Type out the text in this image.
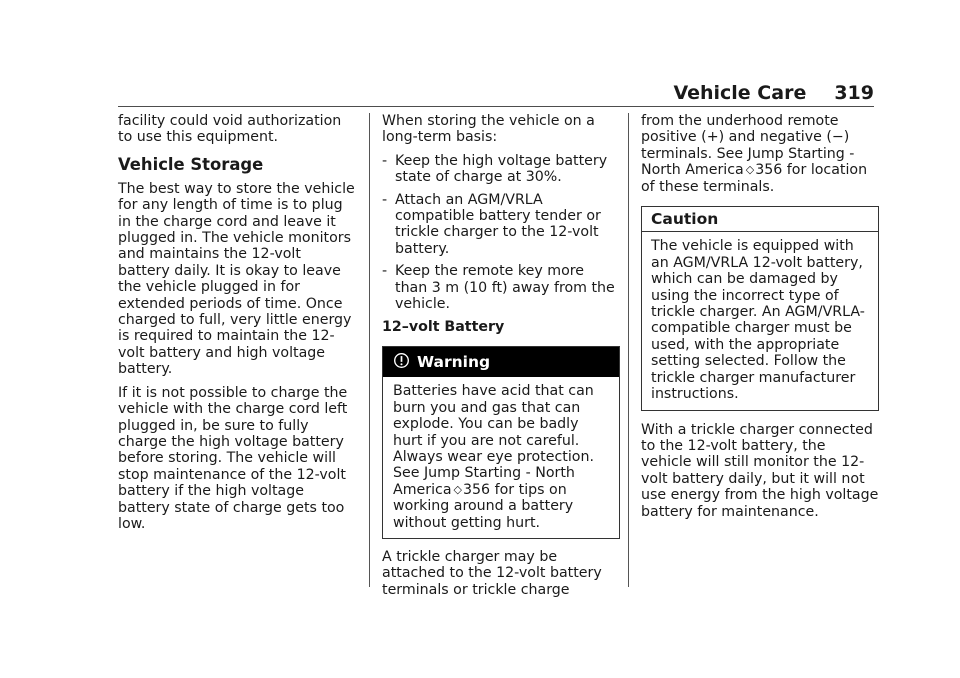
Vehicle Care 319

facility could void authorization to use this equipment.

Vehicle Storage

The best way to store the vehicle for any length of time is to plug in the charge cord and leave it plugged in. The vehicle monitors and maintains the 12-volt battery daily. It is okay to leave the vehicle plugged in for extended periods of time. Once charged to full, very little energy is required to maintain the 12-volt battery and high voltage battery.

If it is not possible to charge the vehicle with the charge cord left plugged in, be sure to fully charge the high voltage battery before storing. The vehicle will stop maintenance of the 12-volt battery if the high voltage battery state of charge gets too low.

When storing the vehicle on a long-term basis:

- Keep the high voltage battery state of charge at 30%.
- Attach an AGM/VRLA compatible battery tender or trickle charger to the 12-volt battery.
- Keep the remote key more than 3 m (10 ft) away from the vehicle.
12–volt Battery
Warning
Batteries have acid that can burn you and gas that can explode. You can be badly hurt if you are not careful. Always wear eye protection. See Jump Starting - North America ◇356 for tips on working around a battery without getting hurt.

A trickle charger may be attached to the 12-volt battery terminals or trickle charge

from the underhood remote positive (+) and negative (−) terminals. See Jump Starting - North America ◇356 for location of these terminals.

Caution
The vehicle is equipped with an AGM/VRLA 12-volt battery, which can be damaged by using the incorrect type of trickle charger. An AGM/VRLA-compatible charger must be used, with the appropriate setting selected. Follow the trickle charger manufacturer instructions.

With a trickle charger connected to the 12-volt battery, the vehicle will still monitor the 12-volt battery daily, but it will not use energy from the high voltage battery for maintenance.
